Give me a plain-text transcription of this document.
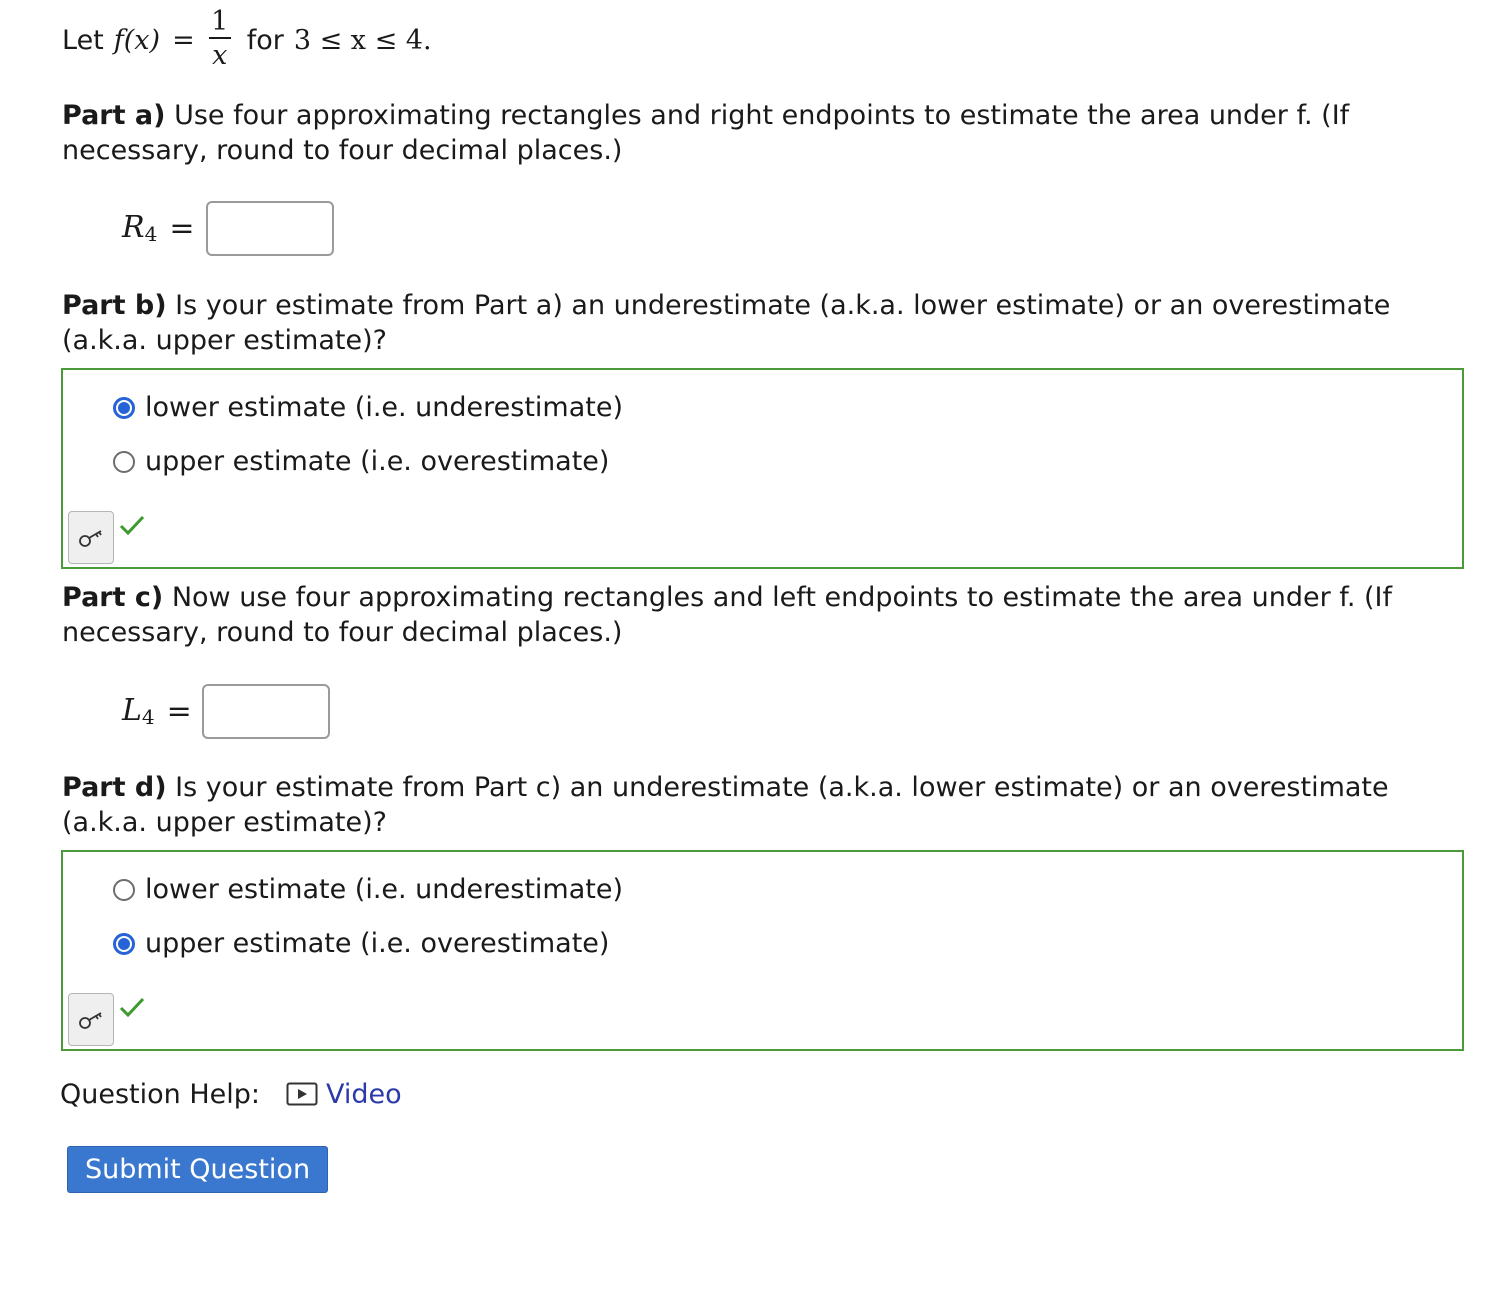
Let $f(x) = \frac{1}{x}$ for 3 ≤ x ≤ 4.
Part a) Use four approximating rectangles and right endpoints to estimate the area under f. (If necessary, round to four decimal places.)
$R_4$ =
Part b) Is your estimate from Part a) an underestimate (a.k.a. lower estimate) or an overestimate (a.k.a. upper estimate)?
lower estimate (i.e. underestimate)
upper estimate (i.e. overestimate)
Part c) Now use four approximating rectangles and left endpoints to estimate the area under f. (If necessary, round to four decimal places.)
$L_4$ =
Part d) Is your estimate from Part c) an underestimate (a.k.a. lower estimate) or an overestimate (a.k.a. upper estimate)?
lower estimate (i.e. underestimate)
upper estimate (i.e. overestimate)
Question Help: Video
Submit Question
